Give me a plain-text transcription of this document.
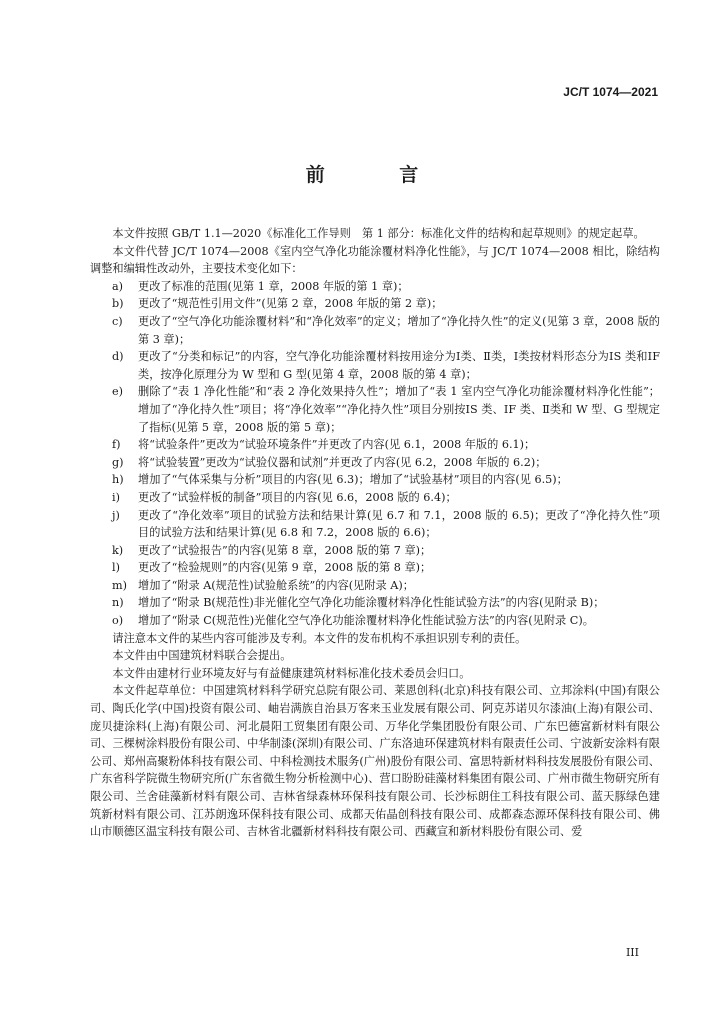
JC/T 1074—2021
前 言

本文件按照 GB/T 1.1—2020《标准化工作导则　第 1 部分：标准化文件的结构和起草规则》的规定起草。

本文件代替 JC/T 1074—2008《室内空气净化功能涂覆材料净化性能》，与 JC/T 1074—2008 相比，除结构调整和编辑性改动外，主要技术变化如下：

a)	更改了标准的范围(见第 1 章，2008 年版的第 1 章)；
b)	更改了“规范性引用文件”(见第 2 章，2008 年版的第 2 章)；
c)	更改了“空气净化功能涂覆材料”和“净化效率”的定义；增加了“净化持久性”的定义(见第 3 章，2008 版的第 3 章)；
d)	更改了“分类和标记”的内容，空气净化功能涂覆材料按用途分为Ⅰ类、Ⅱ类，Ⅰ类按材料形态分为ⅠS 类和ⅠF 类，按净化原理分为 W 型和 G 型(见第 4 章，2008 版的第 4 章)；
e)	删除了“表 1 净化性能”和“表 2 净化效果持久性”；增加了“表 1 室内空气净化功能涂覆材料净化性能”；增加了“净化持久性”项目；将“净化效率”“净化持久性”项目分别按ⅠS 类、ⅠF 类、Ⅱ类和 W 型、G 型规定了指标(见第 5 章，2008 版的第 5 章)；
f)	将“试验条件”更改为“试验环境条件”并更改了内容(见 6.1，2008 年版的 6.1)；
g)	将“试验装置”更改为“试验仪器和试剂”并更改了内容(见 6.2，2008 年版的 6.2)；
h)	增加了“气体采集与分析”项目的内容(见 6.3)；增加了“试验基材”项目的内容(见 6.5)；
i)	更改了“试验样板的制备”项目的内容(见 6.6，2008 版的 6.4)；
j)	更改了“净化效率”项目的试验方法和结果计算(见 6.7 和 7.1，2008 版的 6.5)；更改了“净化持久性”项目的试验方法和结果计算(见 6.8 和 7.2，2008 版的 6.6)；
k)	更改了“试验报告”的内容(见第 8 章，2008 版的第 7 章)；
l)	更改了“检验规则”的内容(见第 9 章，2008 版的第 8 章)；
m) 增加了“附录 A(规范性)试验舱系统”的内容(见附录 A)；
n)	增加了“附录 B(规范性)非光催化空气净化功能涂覆材料净化性能试验方法”的内容(见附录 B)；
o)	增加了“附录 C(规范性)光催化空气净化功能涂覆材料净化性能试验方法”的内容(见附录 C)。

请注意本文件的某些内容可能涉及专利。本文件的发布机构不承担识别专利的责任。

本文件由中国建筑材料联合会提出。

本文件由建材行业环境友好与有益健康建筑材料标准化技术委员会归口。

本文件起草单位：中国建筑材料科学研究总院有限公司、莱恩创科(北京)科技有限公司、立邦涂料(中国)有限公司、陶氏化学(中国)投资有限公司、岫岩满族自治县万客来玉业发展有限公司、阿克苏诺贝尔漆油(上海)有限公司、庞贝捷涂料(上海)有限公司、河北晨阳工贸集团有限公司、万华化学集团股份有限公司、广东巴德富新材料有限公司、三棵树涂料股份有限公司、中华制漆(深圳)有限公司、广东洛迪环保建筑材料有限责任公司、宁波新安涂料有限公司、郑州高聚粉体科技有限公司、中科检测技术服务(广州)股份有限公司、富思特新材料科技发展股份有限公司、广东省科学院微生物研究所(广东省微生物分析检测中心)、营口盼盼硅藻材料集团有限公司、广州市微生物研究所有限公司、兰舍硅藻新材料有限公司、吉林省绿森林环保科技有限公司、长沙标朗住工科技有限公司、蓝天豚绿色建筑新材料有限公司、江苏朗逸环保科技有限公司、成都天佑晶创科技有限公司、成都森态源环保科技有限公司、佛山市顺德区温宝科技有限公司、吉林省北疆新材料科技有限公司、西藏宣和新材料股份有限公司、爱

III
